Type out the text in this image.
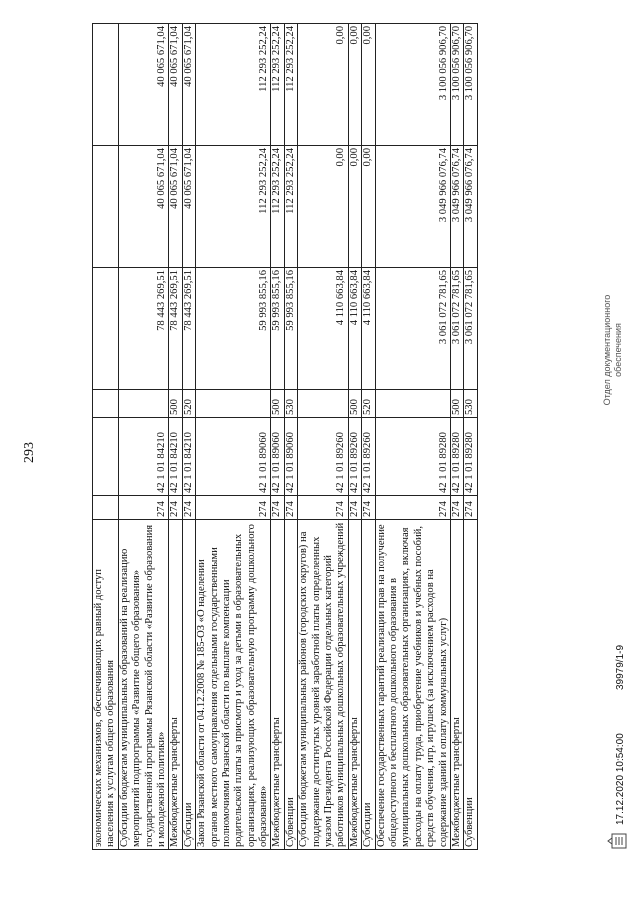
293
экономических механизмов, обеспечивающих равный доступ населения к услугам общего образования						
Субсидии бюджетам муниципальных образований на реализацию мероприятий подпрограммы «Развитие общего образования» государственной программы Рязанской области «Развитие образования и молодежной политики»	274	42 1 01 84210		78 443 269,51	40 065 671,04	40 065 671,04
Межбюджетные трансферты	274	42 1 01 84210	500	78 443 269,51	40 065 671,04	40 065 671,04
Субсидии	274	42 1 01 84210	520	78 443 269,51	40 065 671,04	40 065 671,04
Закон Рязанской области от 04.12.2008 № 185-ОЗ «О наделении органов местного самоуправления отдельными государственными полномочиями Рязанской области по выплате компенсации родительской платы за присмотр и уход за детьми в образовательных организациях, реализующих образовательную программу дошкольного образования»	274	42 1 01 89060		59 993 855,16	112 293 252,24	112 293 252,24
Межбюджетные трансферты	274	42 1 01 89060	500	59 993 855,16	112 293 252,24	112 293 252,24
Субвенции	274	42 1 01 89060	530	59 993 855,16	112 293 252,24	112 293 252,24
Субсидии бюджетам муниципальных районов (городских округов) на поддержание достигнутых уровней заработной платы определенных указом Президента Российской Федерации отдельных категорий работников муниципальных дошкольных образовательных учреждений	274	42 1 01 89260		4 110 663,84	0,00	0,00
Межбюджетные трансферты	274	42 1 01 89260	500	4 110 663,84	0,00	0,00
Субсидии	274	42 1 01 89260	520	4 110 663,84	0,00	0,00
Обеспечение государственных гарантий реализации прав на получение общедоступного и бесплатного дошкольного образования в муниципальных дошкольных образовательных организациях, включая расходы на оплату труда, приобретение учебников и учебных пособий, средств обучения, игр, игрушек (за исключением расходов на содержание зданий и оплату коммунальных услуг)	274	42 1 01 89280		3 061 072 781,65	3 049 966 076,74	3 100 056 906,70
Межбюджетные трансферты	274	42 1 01 89280	500	3 061 072 781,65	3 049 966 076,74	3 100 056 906,70
Субвенции	274	42 1 01 89280	530	3 061 072 781,65	3 049 966 076,74	3 100 056 906,70
17.12.2020 10:54:00
39979/1-9
Отдел документационного обеспечения
